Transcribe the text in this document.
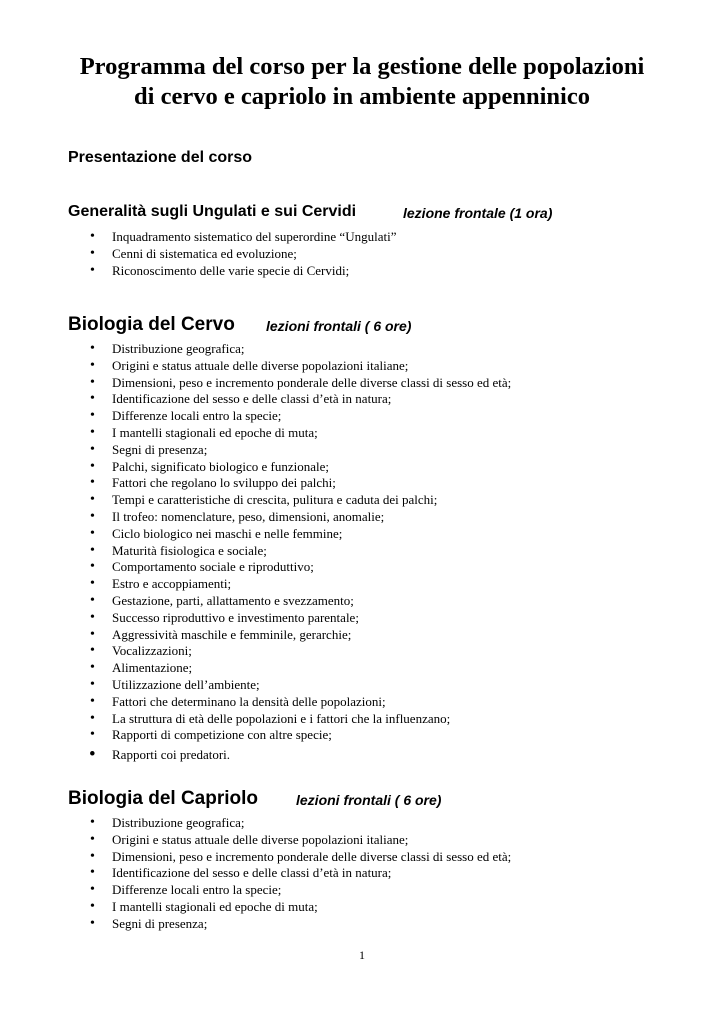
Programma del corso per la gestione delle popolazioni
di cervo e capriolo in ambiente appenninico
Presentazione del corso
Generalità sugli Ungulati e sui Cervidi	lezione frontale (1 ora)
• Inquadramento sistematico del superordine “Ungulati”
• Cenni di sistematica ed evoluzione;
• Riconoscimento delle varie specie di Cervidi;
Biologia del Cervo lezioni frontali ( 6 ore)
• Distribuzione geografica;
• Origini e status attuale delle diverse popolazioni italiane;
• Dimensioni, peso e incremento ponderale delle diverse classi di sesso ed età;
• Identificazione del sesso e delle classi d’età in natura;
• Differenze locali entro la specie;
• I mantelli stagionali ed epoche di muta;
• Segni di presenza;
• Palchi, significato biologico e funzionale;
• Fattori che regolano lo sviluppo dei palchi;
• Tempi e caratteristiche di crescita, pulitura e caduta dei palchi;
• Il trofeo: nomenclature, peso, dimensioni, anomalie;
• Ciclo biologico nei maschi e nelle femmine;
• Maturità fisiologica e sociale;
• Comportamento sociale e riproduttivo;
• Estro e accoppiamenti;
• Gestazione, parti, allattamento e svezzamento;
• Successo riproduttivo e investimento parentale;
• Aggressività maschile e femminile, gerarchie;
• Vocalizzazioni;
• Alimentazione;
• Utilizzazione dell’ambiente;
• Fattori che determinano la densità delle popolazioni;
• La struttura di età delle popolazioni e i fattori che la influenzano;
• Rapporti di competizione con altre specie;
• Rapporti coi predatori.
Biologia del Capriolo	lezioni frontali ( 6 ore)
• Distribuzione geografica;
• Origini e status attuale delle diverse popolazioni italiane;
• Dimensioni, peso e incremento ponderale delle diverse classi di sesso ed età;
• Identificazione del sesso e delle classi d’età in natura;
• Differenze locali entro la specie;
• I mantelli stagionali ed epoche di muta;
• Segni di presenza;
1
